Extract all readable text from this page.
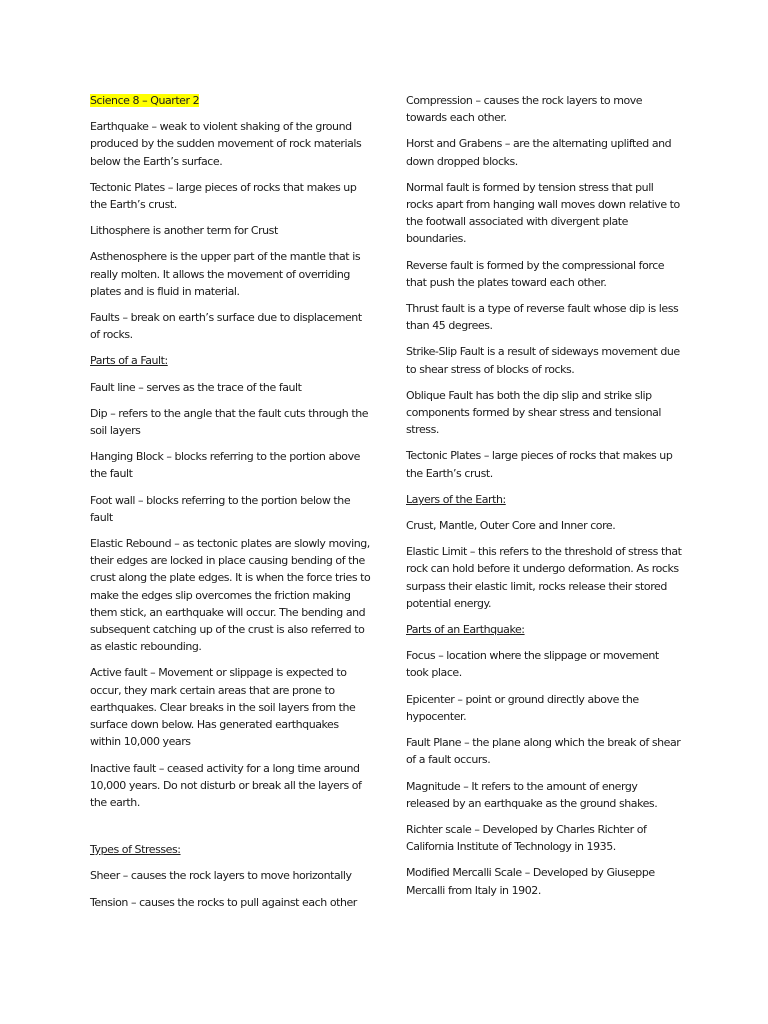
Science 8 – Quarter 2

Earthquake – weak to violent shaking of the ground produced by the sudden movement of rock materials below the Earth’s surface.

Tectonic Plates – large pieces of rocks that makes up the Earth’s crust.

Lithosphere is another term for Crust

Asthenosphere is the upper part of the mantle that is really molten. It allows the movement of overriding plates and is fluid in material.

Faults – break on earth’s surface due to displacement of rocks.

Parts of a Fault:

Fault line – serves as the trace of the fault

Dip – refers to the angle that the fault cuts through the soil layers

Hanging Block – blocks referring to the portion above the fault

Foot wall – blocks referring to the portion below the fault

Elastic Rebound – as tectonic plates are slowly moving, their edges are locked in place causing bending of the crust along the plate edges. It is when the force tries to make the edges slip overcomes the friction making them stick, an earthquake will occur. The bending and subsequent catching up of the crust is also referred to as elastic rebounding.

Active fault – Movement or slippage is expected to occur, they mark certain areas that are prone to earthquakes. Clear breaks in the soil layers from the surface down below. Has generated earthquakes within 10,000 years

Inactive fault – ceased activity for a long time around 10,000 years. Do not disturb or break all the layers of the earth.

Types of Stresses:

Sheer – causes the rock layers to move horizontally

Tension – causes the rocks to pull against each other

Compression – causes the rock layers to move towards each other.

Horst and Grabens – are the alternating uplifted and down dropped blocks.

Normal fault is formed by tension stress that pull rocks apart from hanging wall moves down relative to the footwall associated with divergent plate boundaries.

Reverse fault is formed by the compressional force that push the plates toward each other.

Thrust fault is a type of reverse fault whose dip is less than 45 degrees.

Strike-Slip Fault is a result of sideways movement due to shear stress of blocks of rocks.

Oblique Fault has both the dip slip and strike slip components formed by shear stress and tensional stress.

Tectonic Plates – large pieces of rocks that makes up the Earth’s crust.

Layers of the Earth:

Crust, Mantle, Outer Core and Inner core.

Elastic Limit – this refers to the threshold of stress that rock can hold before it undergo deformation. As rocks surpass their elastic limit, rocks release their stored potential energy.

Parts of an Earthquake:

Focus – location where the slippage or movement took place.

Epicenter – point or ground directly above the hypocenter.

Fault Plane – the plane along which the break of shear of a fault occurs.

Magnitude – It refers to the amount of energy released by an earthquake as the ground shakes.

Richter scale – Developed by Charles Richter of California Institute of Technology in 1935.

Modified Mercalli Scale – Developed by Giuseppe Mercalli from Italy in 1902.
